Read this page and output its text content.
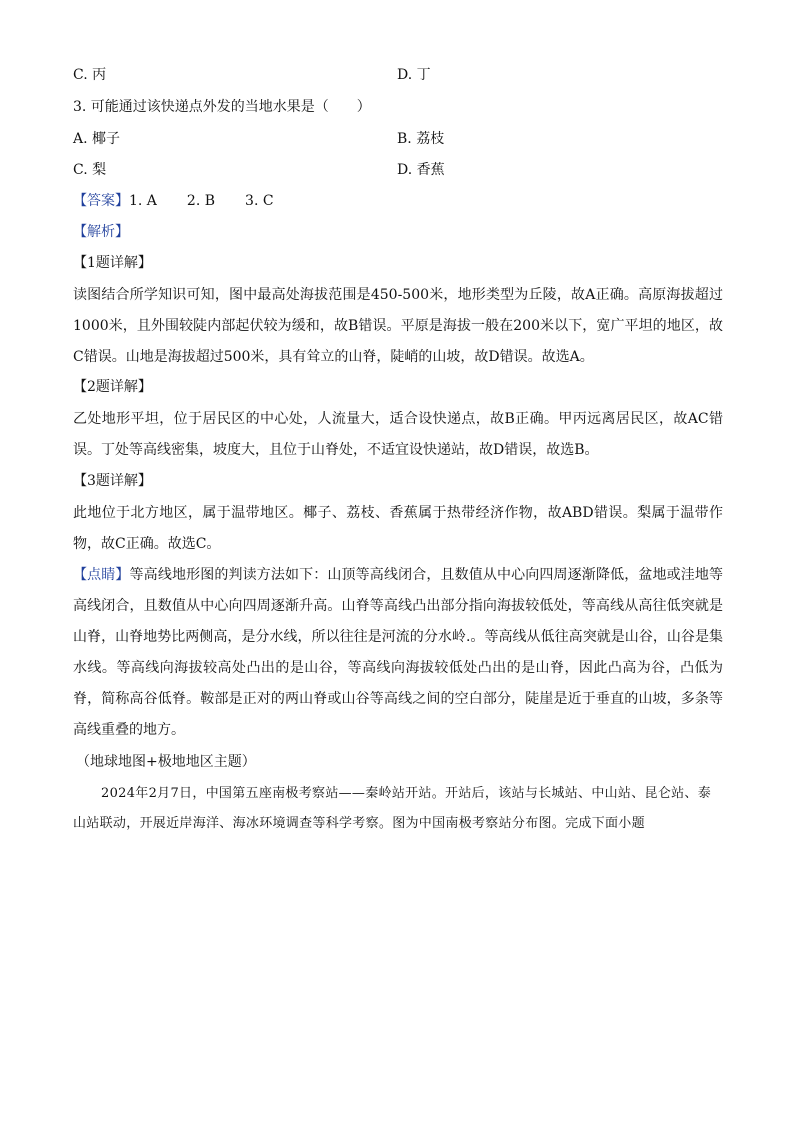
C. 丙	D. 丁
3. 可能通过该快递点外发的当地水果是（　　）
A. 椰子	B. 荔枝
C. 梨	D. 香蕉
【答案】1. A 2. B 3. C
【解析】
【1题详解】
读图结合所学知识可知，图中最高处海拔范围是450-500米，地形类型为丘陵，故A正确。高原海拔超过1000米，且外围较陡内部起伏较为缓和，故B错误。平原是海拔一般在200米以下，宽广平坦的地区，故C错误。山地是海拔超过500米，具有耸立的山脊，陡峭的山坡，故D错误。故选A。
【2题详解】
乙处地形平坦，位于居民区的中心处，人流量大，适合设快递点，故B正确。甲丙远离居民区，故AC错误。丁处等高线密集，坡度大，且位于山脊处，不适宜设快递站，故D错误，故选B。
【3题详解】
此地位于北方地区，属于温带地区。椰子、荔枝、香蕉属于热带经济作物，故ABD错误。梨属于温带作物，故C正确。故选C。
【点睛】等高线地形图的判读方法如下：山顶等高线闭合，且数值从中心向四周逐渐降低，盆地或洼地等高线闭合，且数值从中心向四周逐渐升高。山脊等高线凸出部分指向海拔较低处，等高线从高往低突就是山脊，山脊地势比两侧高，是分水线，所以往往是河流的分水岭.。等高线从低往高突就是山谷，山谷是集水线。等高线向海拔较高处凸出的是山谷，等高线向海拔较低处凸出的是山脊，因此凸高为谷，凸低为脊，简称高谷低脊。鞍部是正对的两山脊或山谷等高线之间的空白部分，陡崖是近于垂直的山坡，多条等高线重叠的地方。
（地球地图+极地地区主题）
2024年2月7日，中国第五座南极考察站——秦岭站开站。开站后，该站与长城站、中山站、昆仑站、泰山站联动，开展近岸海洋、海冰环境调查等科学考察。图为中国南极考察站分布图。完成下面小题
